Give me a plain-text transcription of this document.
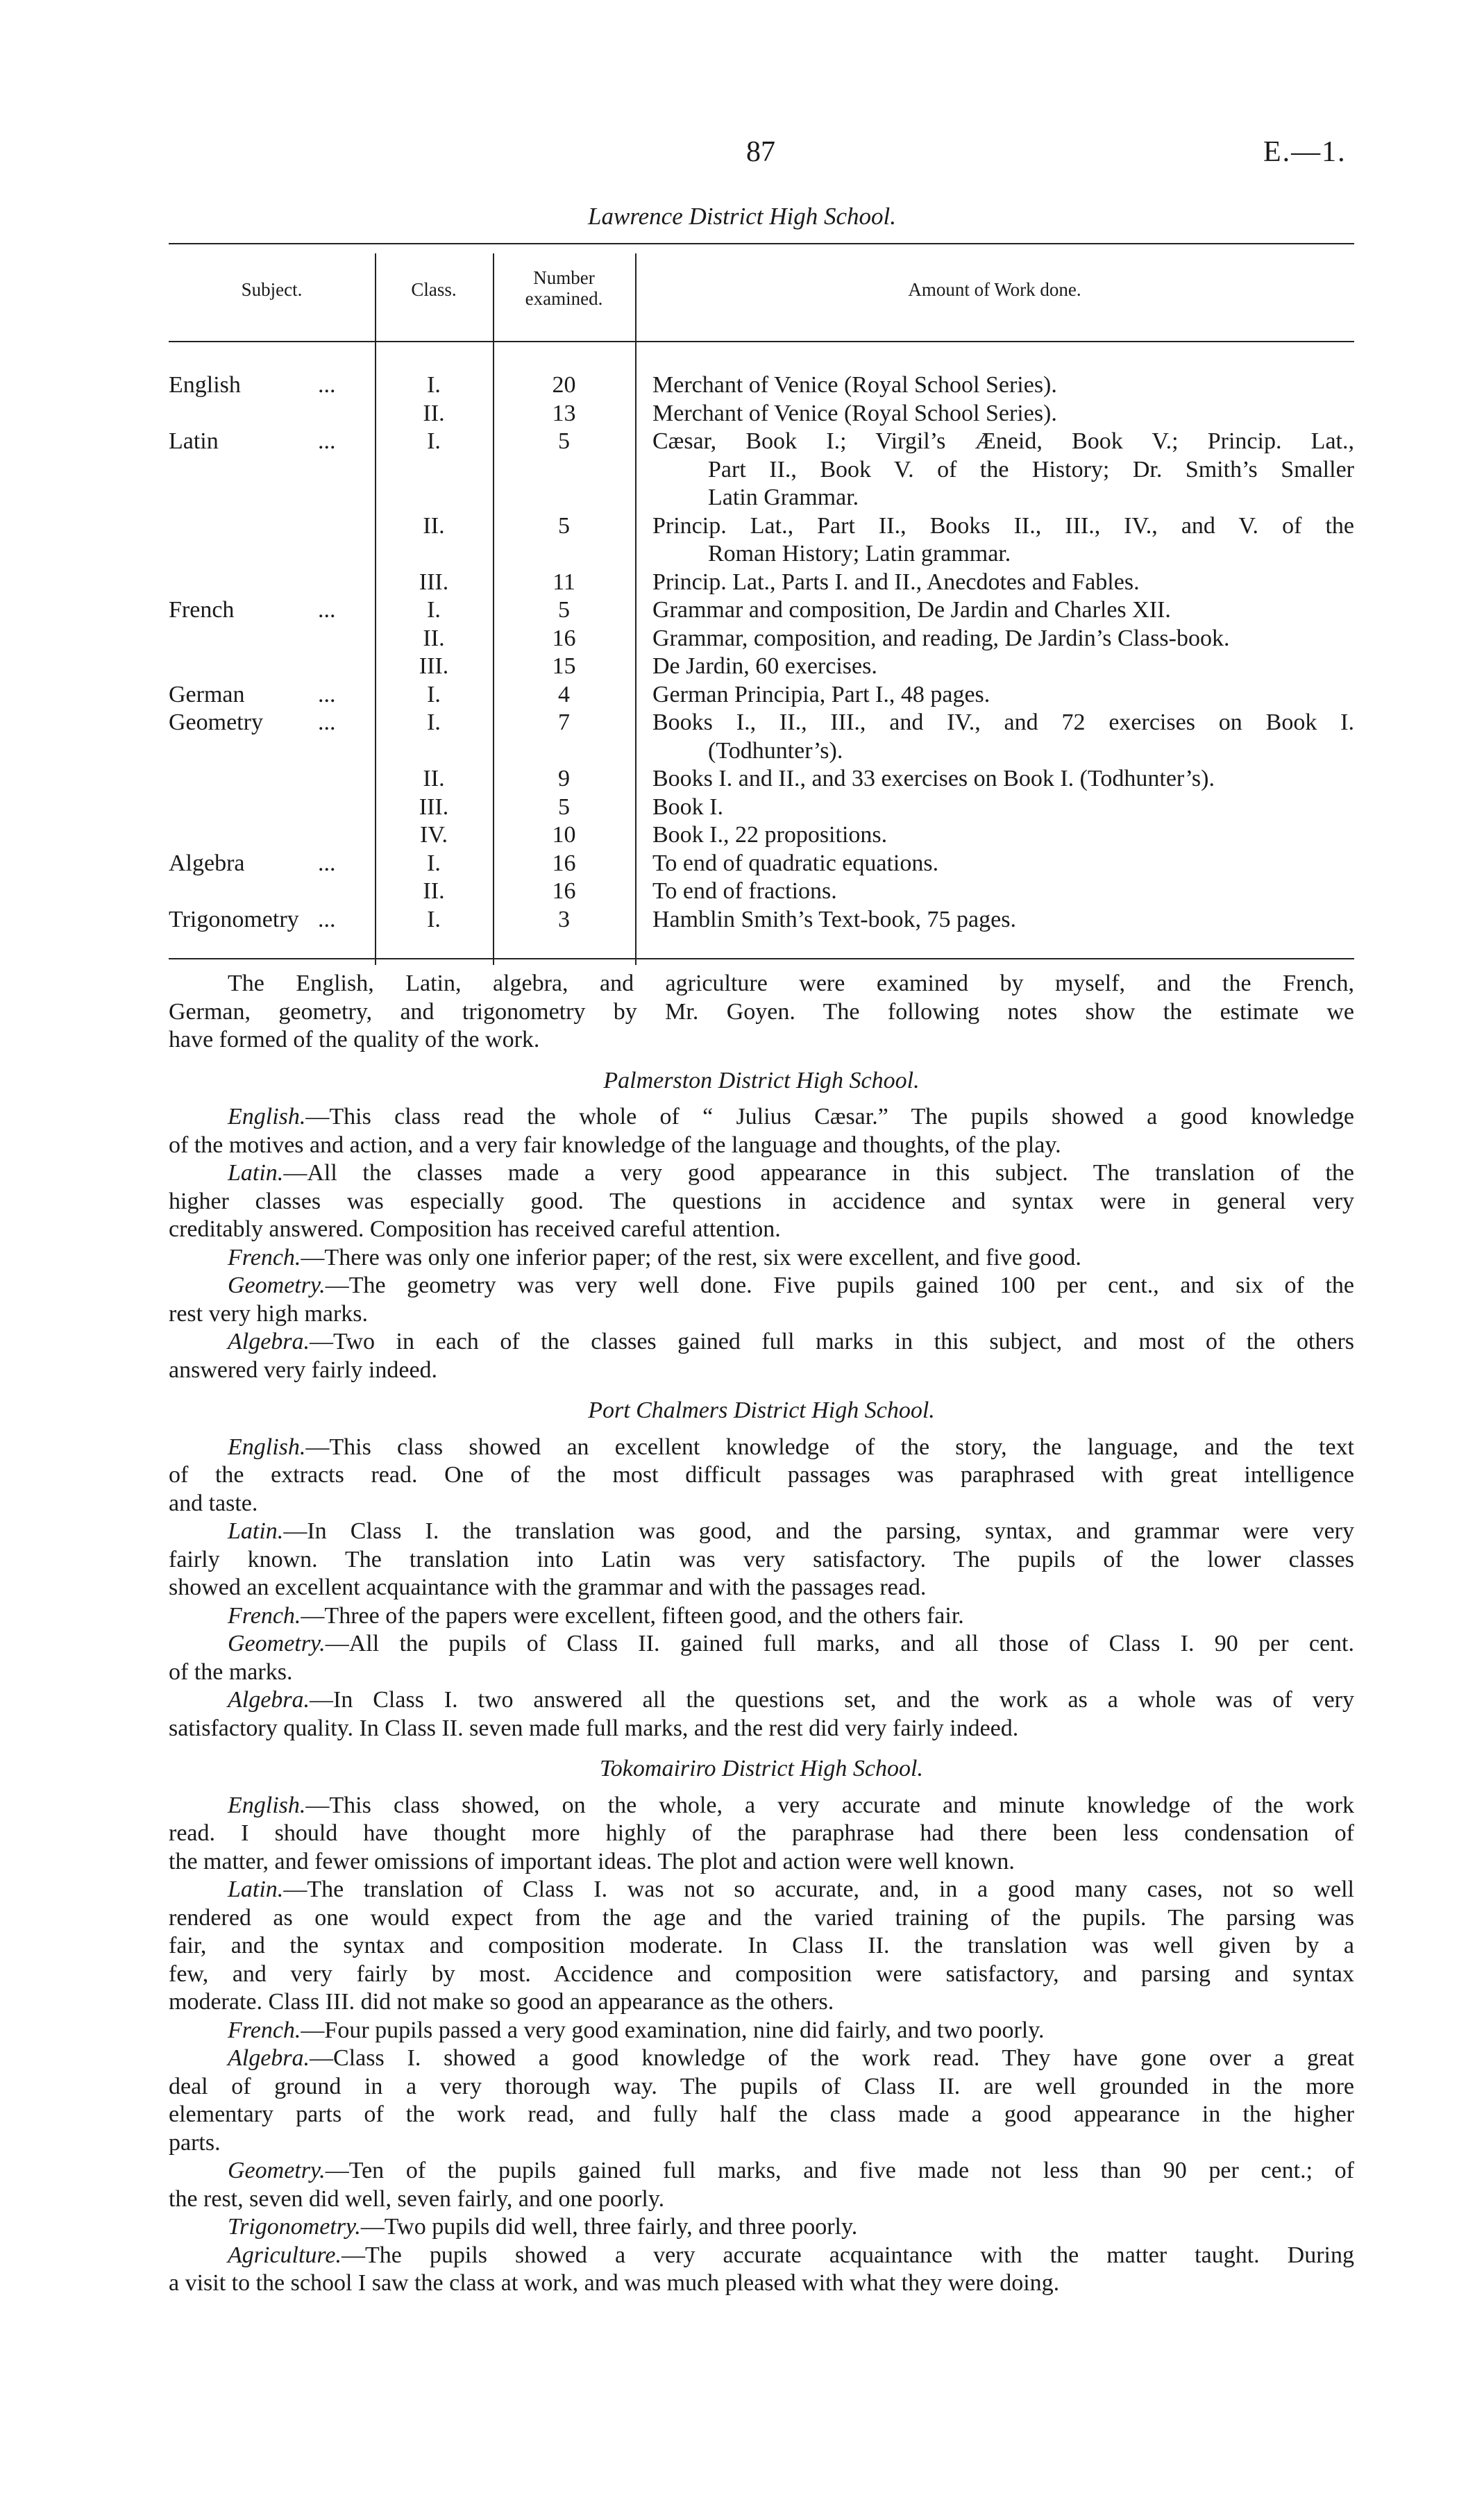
87	E.—1.
Lawrence District High School.
Subject.	Class.
Number
examined.	Amount of Work done.
English	...	I.	20	Merchant of Venice (Royal School Series).
II.	13	Merchant of Venice (Royal School Series).
Latin	...	I.	5	Cæsar, Book I.; Virgil’s Æneid, Book V.; Princip. Lat.,
Part II., Book V. of the History; Dr. Smith’s Smaller
Latin Grammar.
II.	5	Princip. Lat., Part II., Books II., III., IV., and V. of the
Roman History; Latin grammar.
III.	11	Princip. Lat., Parts I. and II., Anecdotes and Fables.
French	...	I.	5	Grammar and composition, De Jardin and Charles XII.
II.	16	Grammar, composition, and reading, De Jardin’s Class-book.
III.	15	De Jardin, 60 exercises.
German	...	I.	4	German Principia, Part I., 48 pages.
Geometry ...	I.	7	Books I., II., III., and IV., and 72 exercises on Book I.
(Todhunter’s).
II.	9	Books I. and II., and 33 exercises on Book I. (Todhunter’s).
III.	5	Book I.
IV.	10	Book I., 22 propositions.
Algebra	...	I.	16	To end of quadratic equations.
II.	16	To end of fractions.
Trigonometry ...	I.	3	Hamblin Smith’s Text-book, 75 pages.
The English, Latin, algebra, and agriculture were examined by myself, and the French,
German, geometry, and trigonometry by Mr. Goyen. The following notes show the estimate we
have formed of the quality of the work.
Palmerston District High School.
English.—This class read the whole of “ Julius Cæsar.” The pupils showed a good knowledge
of the motives and action, and a very fair knowledge of the language and thoughts, of the play.
Latin.—All the classes made a very good appearance in this subject. The translation of the
higher classes was especially good. The questions in accidence and syntax were in general very
creditably answered. Composition has received careful attention.
French.—There was only one inferior paper; of the rest, six were excellent, and five good.
Geometry.—The geometry was very well done. Five pupils gained 100 per cent., and six of the
rest very high marks.
Algebra.—Two in each of the classes gained full marks in this subject, and most of the others
answered very fairly indeed.
Port Chalmers District High School.
English.—This class showed an excellent knowledge of the story, the language, and the text
of the extracts read. One of the most difficult passages was paraphrased with great intelligence
and taste.
Latin.—In Class I. the translation was good, and the parsing, syntax, and grammar were very
fairly known. The translation into Latin was very satisfactory. The pupils of the lower classes
showed an excellent acquaintance with the grammar and with the passages read.
French.—Three of the papers were excellent, fifteen good, and the others fair.
Geometry.—All the pupils of Class II. gained full marks, and all those of Class I. 90 per cent.
of the marks.
Algebra.—In Class I. two answered all the questions set, and the work as a whole was of very
satisfactory quality. In Class II. seven made full marks, and the rest did very fairly indeed.
Tokomairiro District High School.
English.—This class showed, on the whole, a very accurate and minute knowledge of the work
read. I should have thought more highly of the paraphrase had there been less condensation of
the matter, and fewer omissions of important ideas. The plot and action were well known.
Latin.—The translation of Class I. was not so accurate, and, in a good many cases, not so well
rendered as one would expect from the age and the varied training of the pupils. The parsing was
fair, and the syntax and composition moderate. In Class II. the translation was well given by a
few, and very fairly by most. Accidence and composition were satisfactory, and parsing and syntax
moderate. Class III. did not make so good an appearance as the others.
French.—Four pupils passed a very good examination, nine did fairly, and two poorly.
Algebra.—Class I. showed a good knowledge of the work read. They have gone over a great
deal of ground in a very thorough way. The pupils of Class II. are well grounded in the more
elementary parts of the work read, and fully half the class made a good appearance in the higher
parts.
Geometry.—Ten of the pupils gained full marks, and five made not less than 90 per cent.; of
the rest, seven did well, seven fairly, and one poorly.
Trigonometry.—Two pupils did well, three fairly, and three poorly.
Agriculture.—The pupils showed a very accurate acquaintance with the matter taught. During
a visit to the school I saw the class at work, and was much pleased with what they were doing.
